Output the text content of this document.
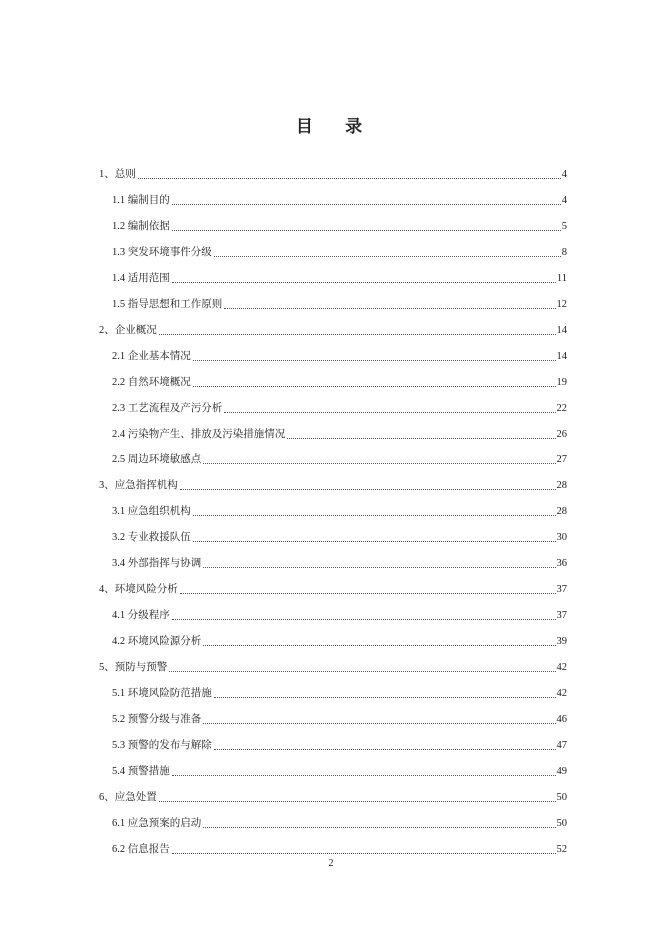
目 录
1、总则	4
1.1 编制目的	4
1.2 编制依据	5
1.3 突发环境事件分级	8
1.4 适用范围	11
1.5 指导思想和工作原则	12
2、企业概况	14
2.1 企业基本情况	14
2.2 自然环境概况	19
2.3 工艺流程及产污分析	22
2.4 污染物产生、排放及污染措施情况	26
2.5 周边环境敏感点	27
3、应急指挥机构	28
3.1 应急组织机构	28
3.2 专业救援队伍	30
3.4 外部指挥与协调	36
4、环境风险分析	37
4.1 分级程序	37
4.2 环境风险源分析	39
5、预防与预警	42
5.1 环境风险防范措施	42
5.2 预警分级与准备	46
5.3 预警的发布与解除	47
5.4 预警措施	49
6、应急处置	50
6.1 应急预案的启动	50
6.2 信息报告	52
2
